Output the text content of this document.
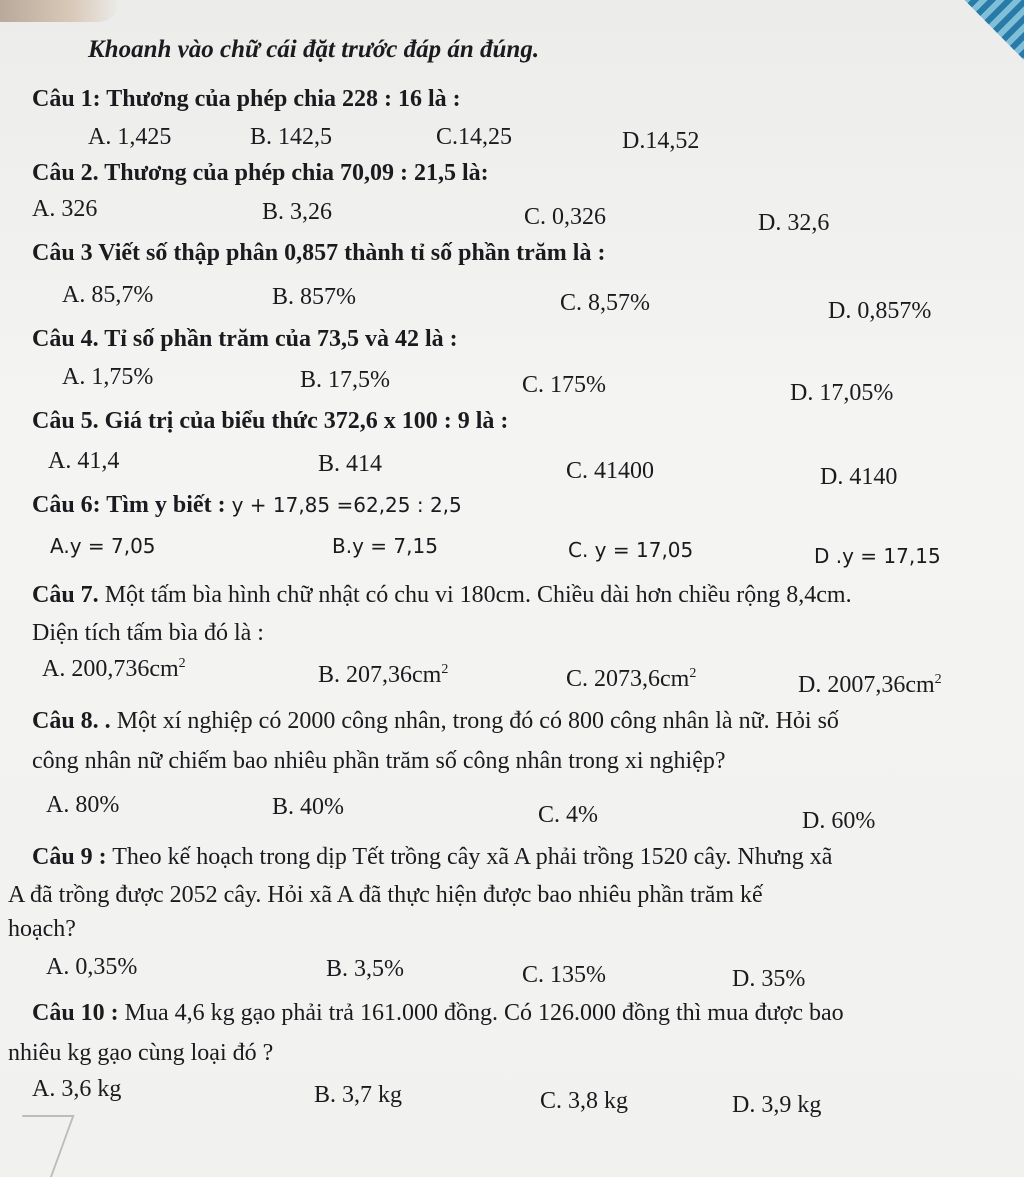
Khoanh vào chữ cái đặt trước đáp án đúng.
Câu 1: Thương của phép chia 228 : 16 là :
A. 1,425	B. 142,5	C.14,25	D.14,52
Câu 2. Thương của phép chia 70,09 : 21,5 là:
A. 326	B. 3,26	C. 0,326	D. 32,6
Câu 3 Viết số thập phân 0,857 thành tỉ số phần trăm là :
A. 85,7%	B. 857%	C. 8,57%	D. 0,857%
Câu 4. Tỉ số phần trăm của 73,5 và 42 là :
A. 1,75%	B. 17,5%	C. 175%	D. 17,05%
Câu 5. Giá trị của biểu thức 372,6 x 100 : 9 là :
A. 41,4	B. 414	C. 41400	D. 4140
Câu 6: Tìm y biết : y + 17,85 =62,25 : 2,5
A.y = 7,05	B.y = 7,15	C. y = 17,05	D .y = 17,15
Câu 7. Một tấm bìa hình chữ nhật có chu vi 180cm. Chiều dài hơn chiều rộng 8,4cm.
Diện tích tấm bìa đó là :
A. $200,736cm^2$	B. $207,36cm^2$	C. $2073,6cm^2$	D. $2007,36cm^2$
Câu 8. . Một xí nghiệp có 2000 công nhân, trong đó có 800 công nhân là nữ. Hỏi số
công nhân nữ chiếm bao nhiêu phần trăm số công nhân trong xi nghiệp?
A. 80%	B. 40%	C. 4%	D. 60%
Câu 9 : Theo kế hoạch trong dịp Tết trồng cây xã A phải trồng 1520 cây. Nhưng xã
A đã trồng được 2052 cây. Hỏi xã A đã thực hiện được bao nhiêu phần trăm kế
hoạch?
A. 0,35%	B. 3,5%	C. 135%	D. 35%
Câu 10 : Mua 4,6 kg gạo phải trả 161.000 đồng. Có 126.000 đồng thì mua được bao
nhiêu kg gạo cùng loại đó ?
A. 3,6 kg	B. 3,7 kg	C. 3,8 kg	D. 3,9 kg
